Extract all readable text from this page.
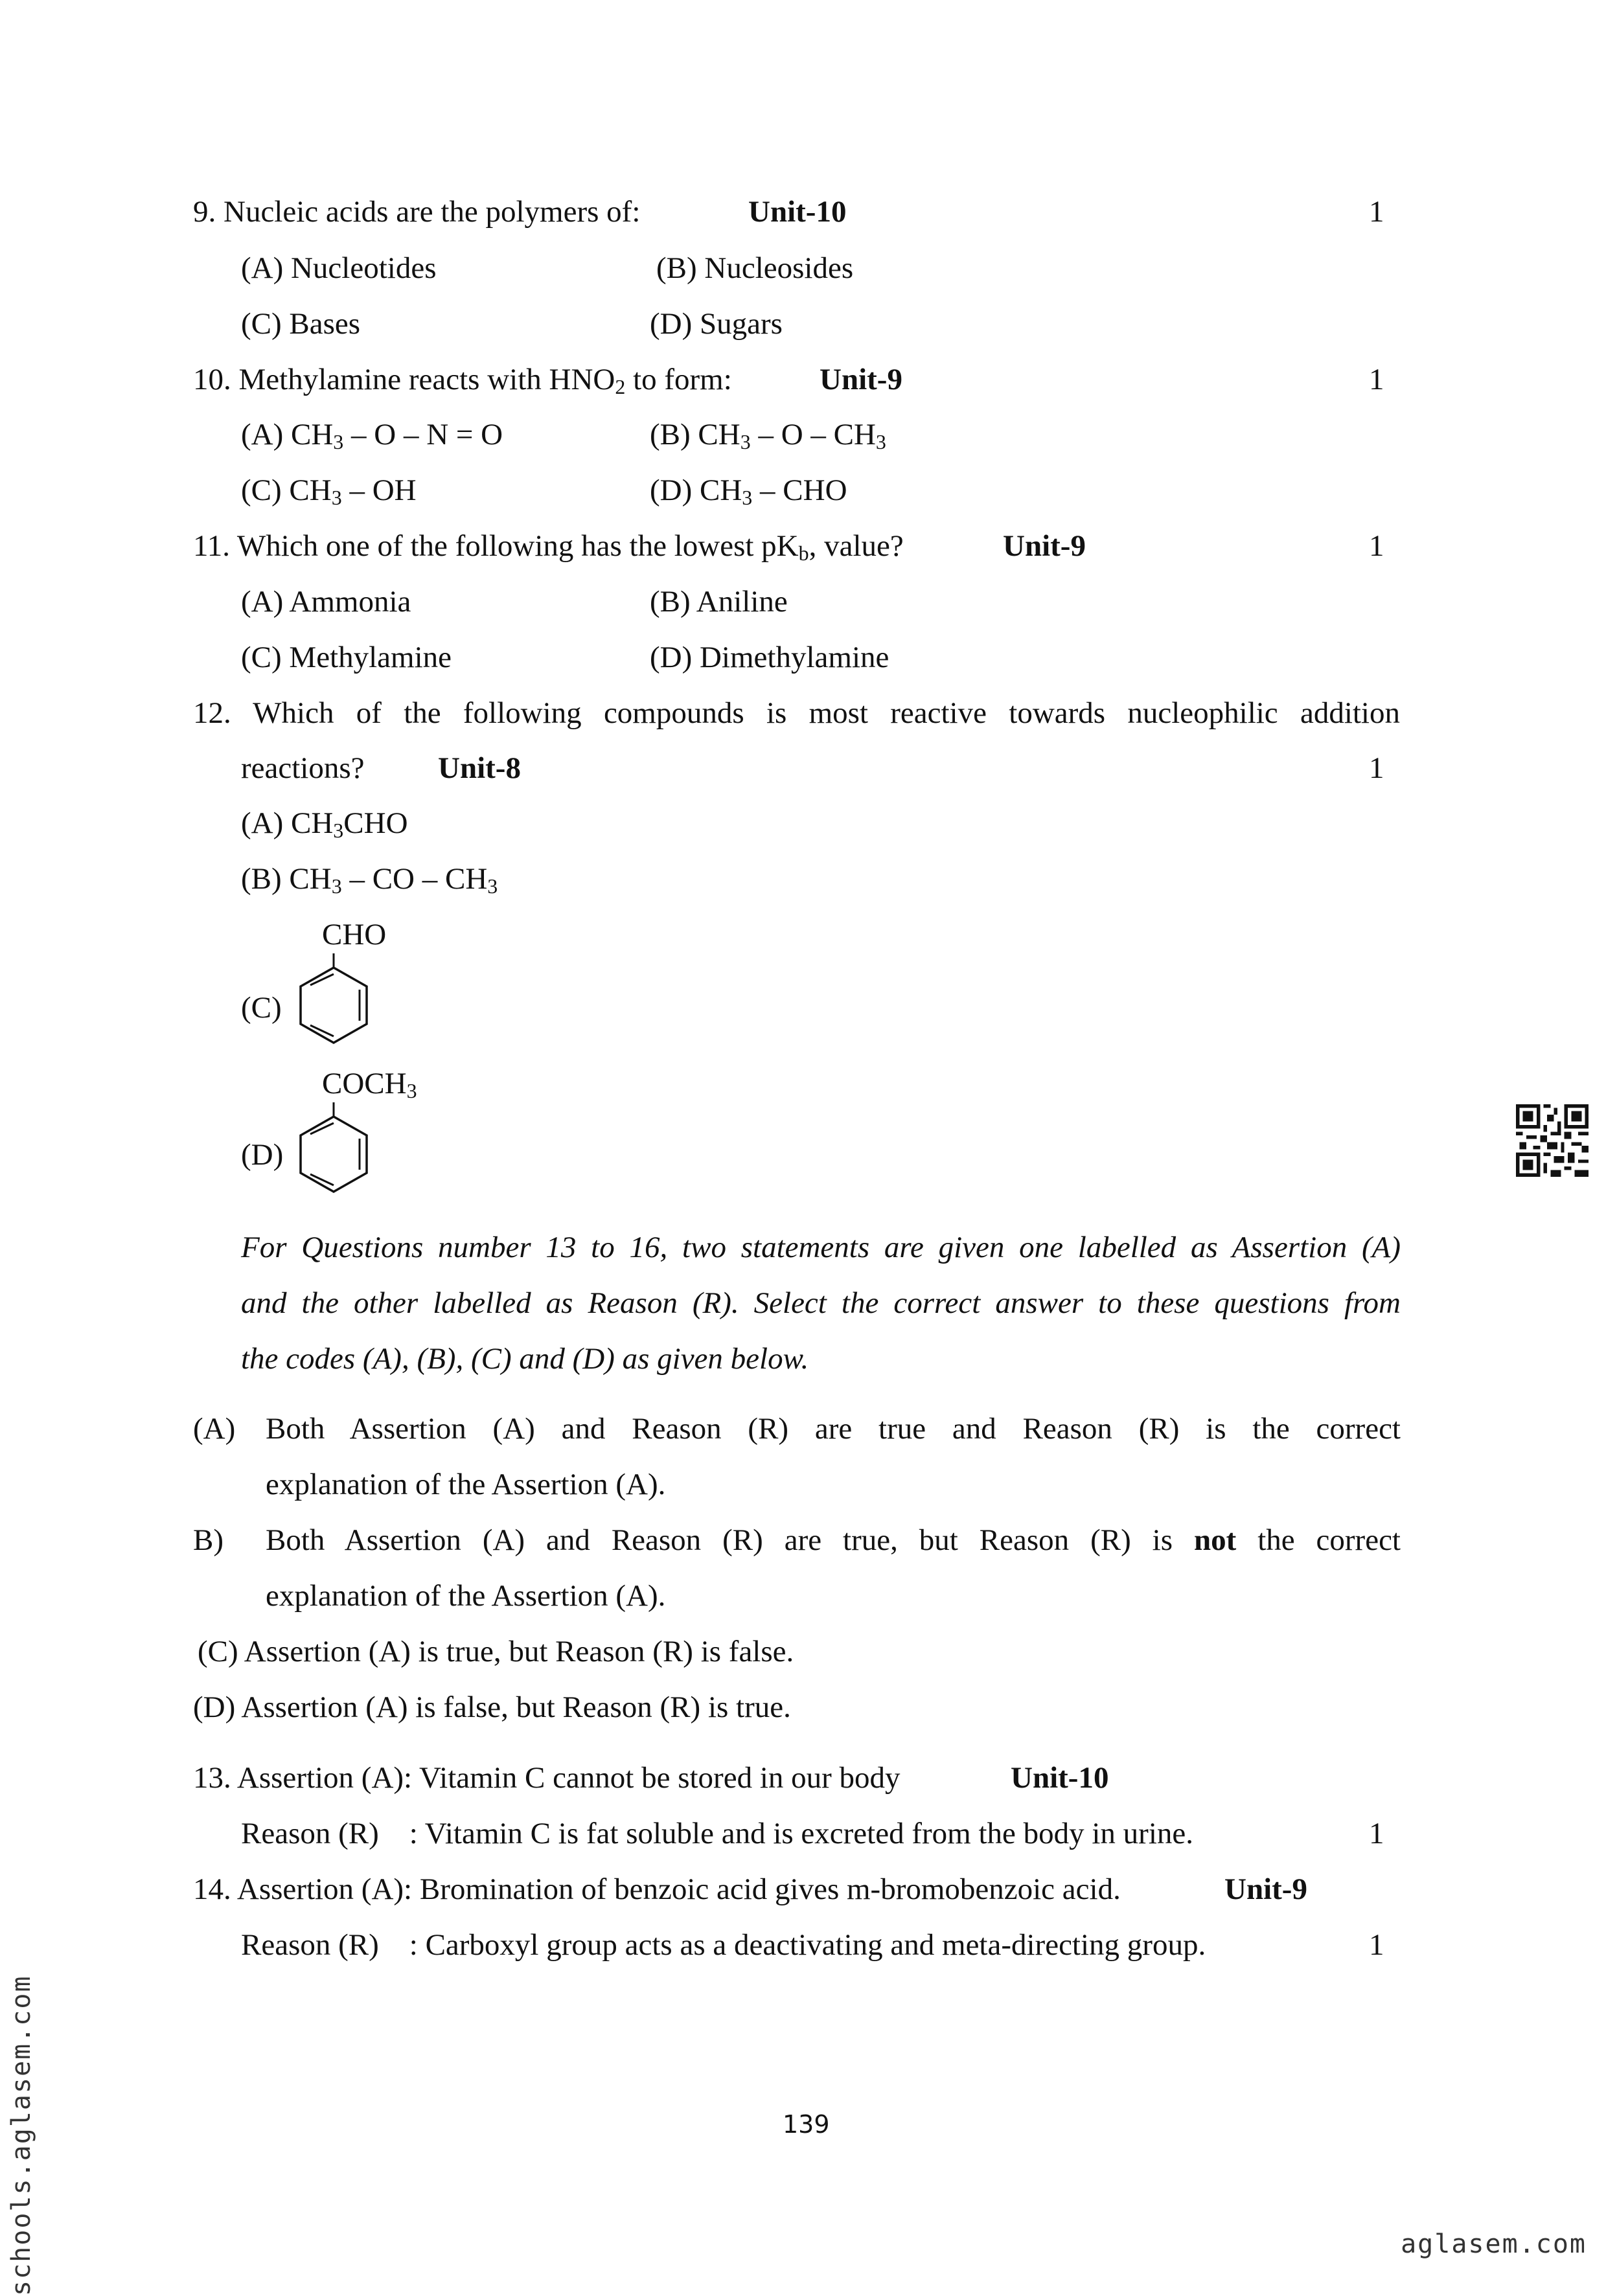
9. Nucleic acids are the polymers of:	Unit-10	1
(A) Nucleotides	(B) Nucleosides
(C) Bases	(D) Sugars
10. Methylamine reacts with $HNO_2$ to form:	Unit-9	1
(A) $CH_3 - O - N = O$	(B) $CH_3$ – O – $CH_3$
(C) $CH_3$ – OH	(D) $CH_3$ – CHO
11. Which one of the following has the lowest $pK_b$, value?	Unit-9	1
(A) Ammonia	(B) Aniline
(C) Methylamine	(D) Dimethylamine
12. Which of the following compounds is most reactive towards nucleophilic addition
reactions? Unit-8	1
(A) $CH_3CHO$
(B) $CH_3$ – CO – $CH_3$
CHO
(C)
$COCH_3$
(D)
For Questions number 13 to 16, two statements are given one labelled as Assertion (A)
and the other labelled as Reason (R). Select the correct answer to these questions from
the codes (A), (B), (C) and (D) as given below.
(A) Both Assertion (A) and Reason (R) are true and Reason (R) is the correct
explanation of the Assertion (A).
B) Both Assertion (A) and Reason (R) are true, but Reason (R) is not the correct
explanation of the Assertion (A).
(C) Assertion (A) is true, but Reason (R) is false.
(D) Assertion (A) is false, but Reason (R) is true.
13. Assertion (A): Vitamin C cannot be stored in our body	Unit-10
Reason (R)    : Vitamin C is fat soluble and is excreted from the body in urine.	1
14. Assertion (A): Bromination of benzoic acid gives m-bromobenzoic acid.	Unit-9
Reason (R)    : Carboxyl group acts as a deactivating and meta-directing group.	1
139
schools.aglasem.com	aglasem.com
